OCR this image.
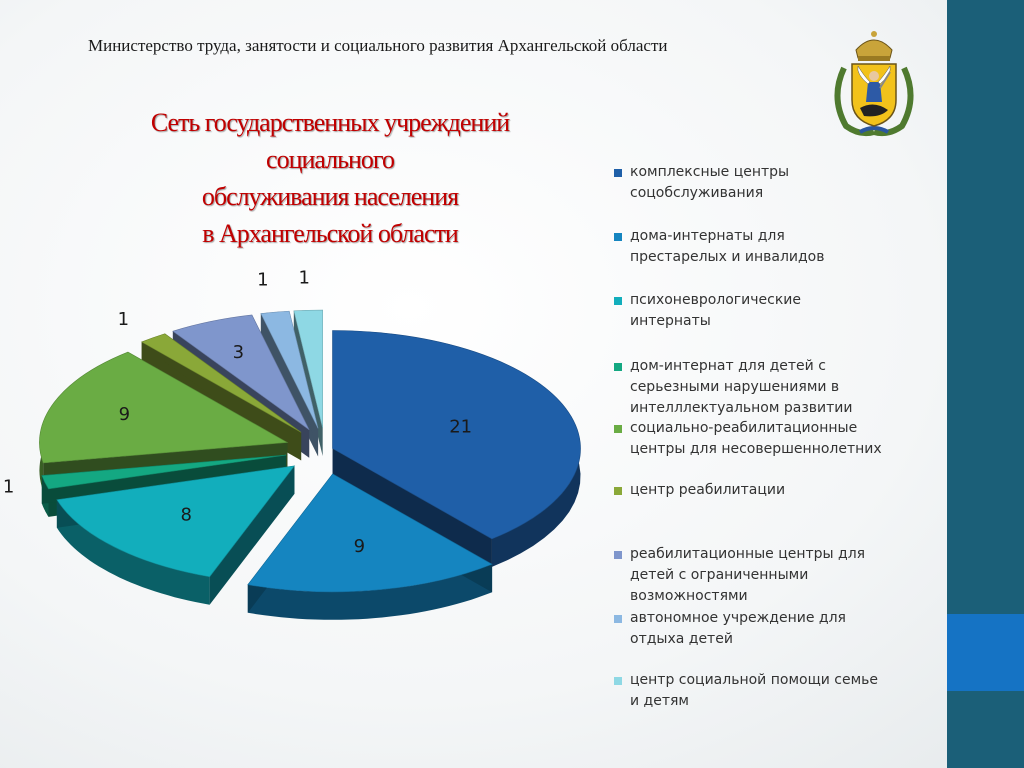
Министерство труда, занятости и социального развития Архангельской области
Сеть государственных учреждений
социального
обслуживания населения
в Архангельской области
21
9
8
1
9
1
3
1 1
комплексные центры
соцобслуживания
дома-интернаты для
престарелых и инвалидов
психоневрологические
интернаты
дом-интернат для детей с
серьезными нарушениями в
интелллектуальном развитии
социально-реабилитационные
центры для несовершеннолетних
центр реабилитации
реабилитационные центры для
детей с ограниченными
возможностями
автономное учреждение для
отдыха детей
центр социальной помощи семье
и детям
